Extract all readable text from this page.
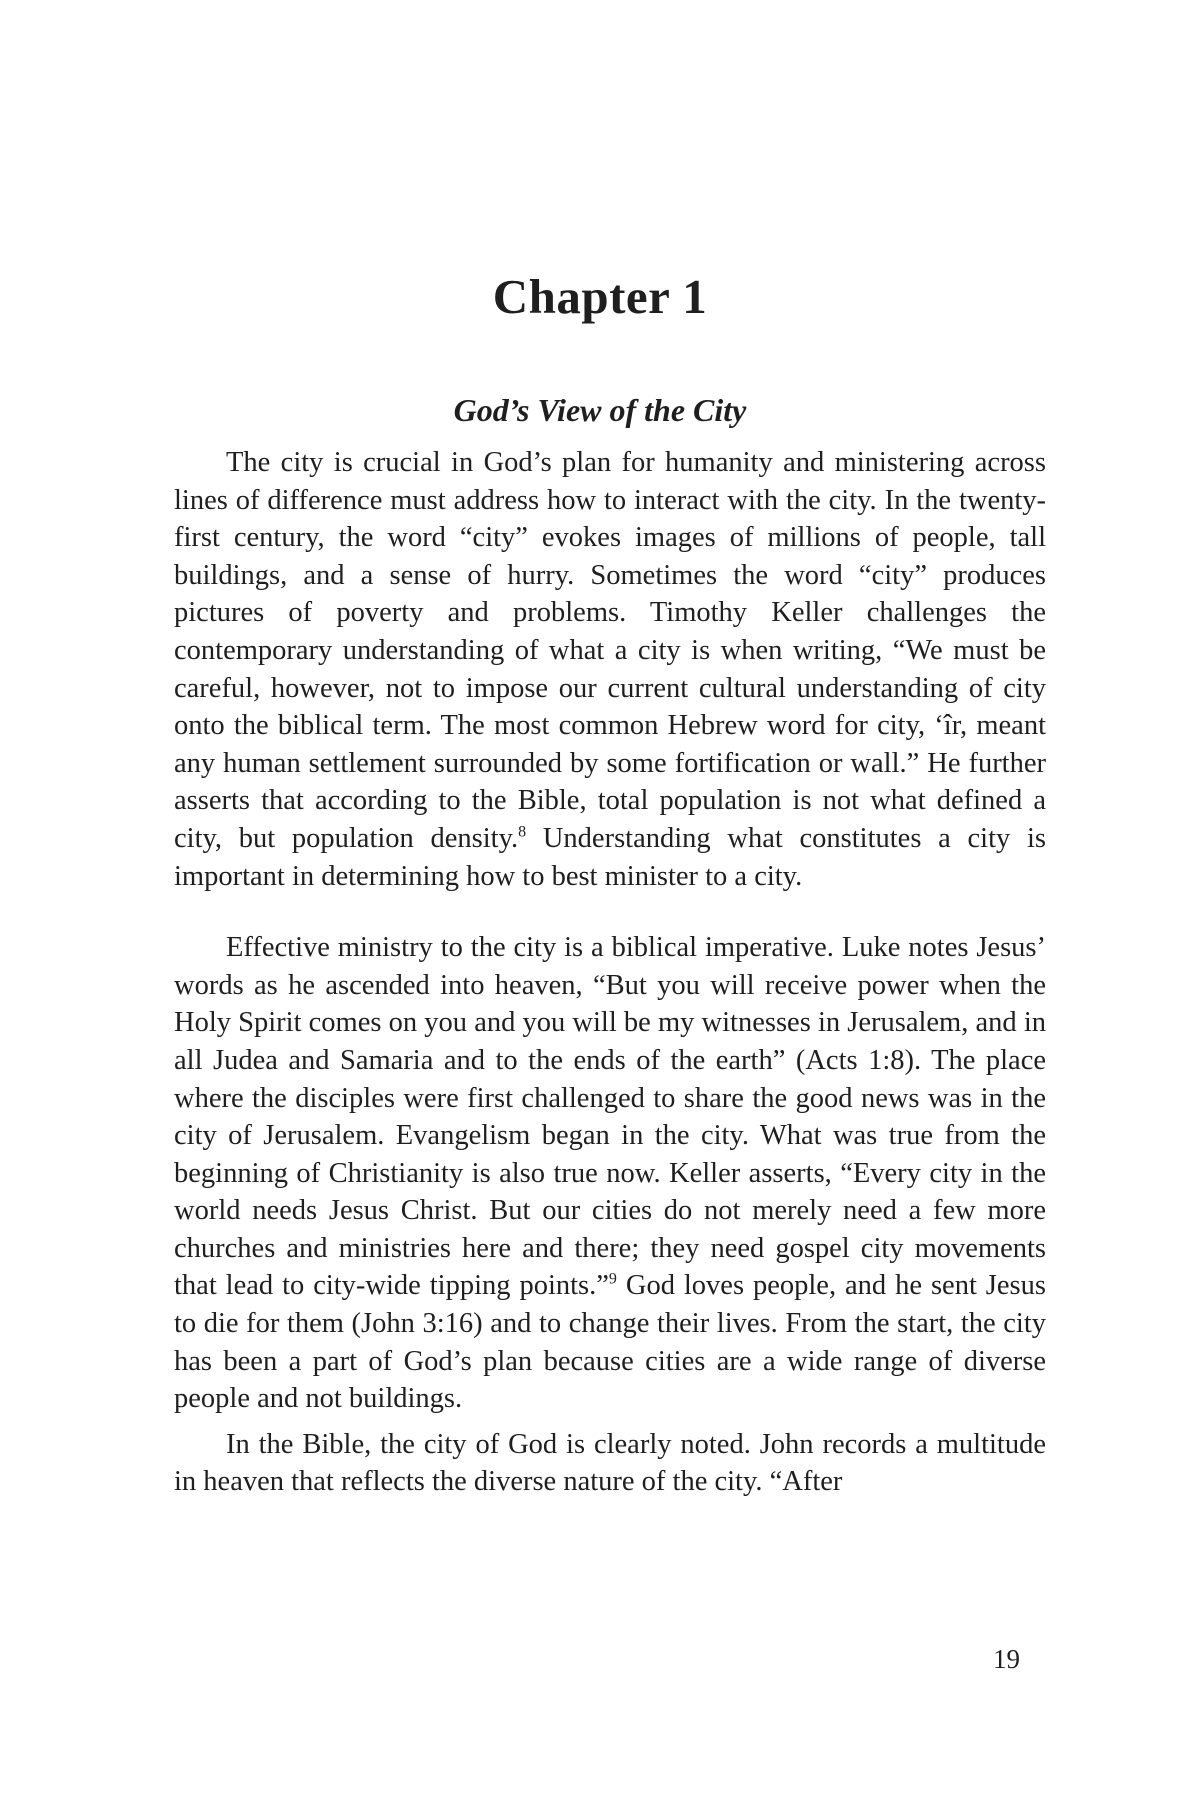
Chapter 1
God’s View of the City

The city is crucial in God’s plan for humanity and ministering across lines of difference must address how to interact with the city. In the twenty-first century, the word “city” evokes images of millions of people, tall buildings, and a sense of hurry. Sometimes the word “city” produces pictures of poverty and problems. Timothy Keller challenges the contemporary understanding of what a city is when writing, “We must be careful, however, not to impose our current cultural understanding of city onto the biblical term. The most common Hebrew word for city, ‘îr, meant any human settlement surrounded by some fortification or wall.” He further asserts that according to the Bible, total population is not what defined a city, but population density.$^8$ Understanding what constitutes a city is important in determining how to best minister to a city.

Effective ministry to the city is a biblical imperative. Luke notes Jesus’ words as he ascended into heaven, “But you will receive power when the Holy Spirit comes on you and you will be my witnesses in Jerusalem, and in all Judea and Samaria and to the ends of the earth” (Acts 1:8). The place where the disciples were first challenged to share the good news was in the city of Jerusalem. Evangelism began in the city. What was true from the beginning of Christianity is also true now. Keller asserts, “Every city in the world needs Jesus Christ. But our cities do not merely need a few more churches and ministries here and there; they need gospel city movements that lead to city-wide tipping points.”$^9$ God loves people, and he sent Jesus to die for them (John 3:16) and to change their lives. From the start, the city has been a part of God’s plan because cities are a wide range of diverse people and not buildings.

In the Bible, the city of God is clearly noted. John records a multitude in heaven that reflects the diverse nature of the city. “After

19
